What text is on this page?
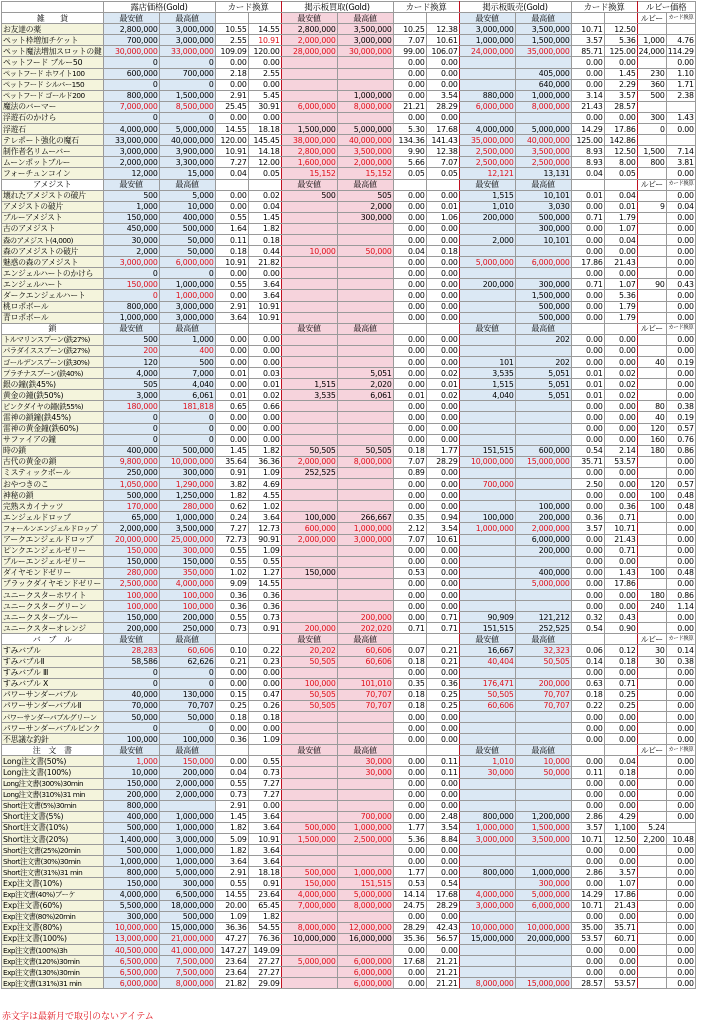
	露店価格(Gold)		カード換算		掲示板買取(Gold)		カード換算		掲示板販売(Gold)		カード換算		ルビー価格	
雑　　貨	最安値	最高値			最安値	最高値			最安値	最高値			ルビー	カード換算
お友達の薬	2,800,000	3,000,000	10.55	14.55	2,800,000	3,500,000	10.25	12.38	3,000,000	3,500,000	10.71	12.50		
ペット枠増加チケット	700,000	3,000,000	2.55	10.91	2,000,000	3,000,000	7.07	10.61	1,000,000	1,500,000	3.57	5.36	1,000	4.76
ペット魔法増加スロットの鍵	30,000,000	33,000,000	109.09	120.00	28,000,000	30,000,000	99.00	106.07	24,000,000	35,000,000	85.71	125.00	24,000	114.29
ペットフード ブルー50	0	0	0.00	0.00			0.00	0.00			0.00	0.00		0.00
ペットフード ホワイト100	600,000	700,000	2.18	2.55			0.00	0.00		405,000	0.00	1.45	230	1.10
ペットフード シルバー150	0	0	0.00	0.00			0.00	0.00		640,000	0.00	2.29	360	1.71
ペットフード ゴールド200	800,000	1,500,000	2.91	5.45		1,000,000	0.00	3.54	880,000	1,000,000	3.14	3.57	500	2.38
魔法のバーマー	7,000,000	8,500,000	25.45	30.91	6,000,000	8,000,000	21.21	28.29	6,000,000	8,000,000	21.43	28.57		
浮遊石のかけら	0	0	0.00	0.00			0.00	0.00			0.00	0.00	300	1.43
浮遊石	4,000,000	5,000,000	14.55	18.18	1,500,000	5,000,000	5.30	17.68	4,000,000	5,000,000	14.29	17.86	0	0.00
テレポート強化の魔石	33,000,000	40,000,000	120.00	145.45	38,000,000	40,000,000	134.36	141.43	35,000,000	40,000,000	125.00	142.86		
制作者名リムーバー	3,000,000	3,900,000	10.91	14.18	2,800,000	3,500,000	9.90	12.38	2,500,000	3,500,000	8.93	12.50	1,500	7.14
ムーンポットブルー	2,000,000	3,300,000	7.27	12.00	1,600,000	2,000,000	5.66	7.07	2,500,000	2,500,000	8.93	8.00	800	3.81
フォーチュンコイン	12,000	15,000	0.04	0.05	15,152	15,152	0.05	0.05	12,121	13,131	0.04	0.05		0.00
アメジスト	最安値	最高値			最安値	最高値			最安値	最高値			ルビー	カード換算
壊れたアメジストの破片	500	5,000	0.00	0.02	500	505	0.00	0.00	1,515	10,101	0.01	0.04		0.00
アメジストの破片	1,000	10,000	0.00	0.04		2,000	0.00	0.01	1,010	3,030	0.00	0.01	9	0.04
ブルーアメジスト	150,000	400,000	0.55	1.45		300,000	0.00	1.06	200,000	500,000	0.71	1.79		0.00
古のアメジスト	450,000	500,000	1.64	1.82			0.00	0.00		300,000	0.00	1.07		0.00
森のアメジスト(4,000)	30,000	50,000	0.11	0.18			0.00	0.00	2,000	10,101	0.00	0.04		0.00
森のアメジストの破片	2,000	50,000	0.18	0.44	10,000	50,000	0.04	0.18			0.00	0.00		0.00
魅惑の森のアメジスト	3,000,000	6,000,000	10.91	21.82			0.00	0.00	5,000,000	6,000,000	17.86	21.43		0.00
エンジェルハートのかけら	0	0	0.00	0.00			0.00	0.00			0.00	0.00		0.00
エンジェルハート	150,000	1,000,000	0.55	3.64			0.00	0.00	200,000	300,000	0.71	1.07	90	0.43
ダークエンジェルハート	0	1,000,000	0.00	3.64			0.00	0.00		1,500,000	0.00	5.36		0.00
桃ロポボール	800,000	3,000,000	2.91	10.91			0.00	0.00		500,000	0.00	1.79		0.00
青ロポボール	1,000,000	3,000,000	3.64	10.91			0.00	0.00		500,000	0.00	1.79		0.00
鎖	最安値	最高値			最安値	最高値			最安値	最高値			ルビー	カード換算
トルマリンスプーン(鉄27%)	500	1,000	0.00	0.00			0.00	0.00		202	0.00	0.00		0.00
パラダイススプーン(鉄27%)	200	400	0.00	0.00			0.00	0.00			0.00	0.00		0.00
ゴールデンスプーン(鉄30%)	120	500	0.00	0.00			0.00	0.00	101	202	0.00	0.00	40	0.19
プラチナスプーン(鉄40%)	4,000	7,000	0.01	0.03		5,051	0.00	0.02	3,535	5,051	0.01	0.02		0.00
銀の鐘(鉄45%)	505	4,040	0.00	0.01	1,515	2,020	0.00	0.01	1,515	5,051	0.01	0.02		0.00
黄金の鐘(鉄50%)	3,000	6,061	0.01	0.02	3,535	6,061	0.01	0.02	4,040	5,051	0.01	0.02		0.00
ピンクダイヤの鐘(鉄55%)	180,000	181,818	0.65	0.66			0.00	0.00			0.00	0.00	80	0.38
雷神の鎖鐘(鉄45%)	0	0	0.00	0.00			0.00	0.00			0.00	0.00	40	0.19
雷神の黄金鐘(鉄60%)	0	0	0.00	0.00			0.00	0.00			0.00	0.00	120	0.57
サファイアの鐘	0	0	0.00	0.00			0.00	0.00			0.00	0.00	160	0.76
時の鎖	400,000	500,000	1.45	1.82	50,505	50,505	0.18	1.77	151,515	600,000	0.54	2.14	180	0.86
古代の黄金の鎖	9,800,000	10,000,000	35.64	36.36	2,000,000	8,000,000	7.07	28.29	10,000,000	15,000,000	35.71	53.57		0.00
ミスティックボール	250,000	300,000	0.91	1.09	252,525		0.89	0.00			0.00	0.00		0.00
おやつきのこ	1,050,000	1,290,000	3.82	4.69			0.00	0.00	700,000		2.50	0.00	120	0.57
神秘の鎖	500,000	1,250,000	1.82	4.55			0.00	0.00			0.00	0.00	100	0.48
完熟スカイナッツ	170,000	280,000	0.62	1.02			0.00	0.00		100,000	0.00	0.36	100	0.48
エンジェルドロップ	65,000	1,000,000	0.24	3.64	100,000	266,667	0.35	0.94	100,000	200,000	0.36	0.71		0.00
フォールンエンジェルドロップ	2,000,000	3,500,000	7.27	12.73	600,000	1,000,000	2.12	3.54	1,000,000	2,000,000	3.57	10.71		0.00
アークエンジェルドロップ	20,000,000	25,000,000	72.73	90.91	2,000,000	3,000,000	7.07	10.61		6,000,000	0.00	21.43		0.00
ピンクエンジェルゼリー	150,000	300,000	0.55	1.09			0.00	0.00		200,000	0.00	0.71		0.00
ブルーエンジェルゼリー	150,000	150,000	0.55	0.55			0.00	0.00			0.00	0.00		0.00
ダイヤモンドゼリー	280,000	350,000	1.02	1.27	150,000		0.53	0.00		400,000	0.00	1.43	100	0.48
ブラックダイヤモンドゼリー	2,500,000	4,000,000	9.09	14.55			0.00	0.00		5,000,000	0.00	17.86		0.00
ユニークスターホワイト	100,000	100,000	0.36	0.36			0.00	0.00			0.00	0.00	180	0.86
ユニークスターグリーン	100,000	100,000	0.36	0.36			0.00	0.00			0.00	0.00	240	1.14
ユニークスターブルー	150,000	200,000	0.55	0.73		200,000	0.00	0.71	90,909	121,212	0.32	0.43		0.00
ユニークスターオレンジ	200,000	250,000	0.73	0.91	200,000	202,020	0.71	0.71	151,515	252,525	0.54	0.90		0.00
バ　ブ　ル	最安値	最高値			最安値	最高値			最安値	最高値			ルビー	カード換算
すみバブル	28,283	60,606	0.10	0.22	20,202	60,606	0.07	0.21	16,667	32,323	0.06	0.12	30	0.14
すみバブルⅡ	58,586	62,626	0.21	0.23	50,505	60,606	0.18	0.21	40,404	50,505	0.14	0.18	30	0.38
すみバブル Ⅲ	0	0	0.00	0.00			0.00	0.00			0.00	0.00		0.00
すみバブル X	0	0	0.00	0.00	100,000	101,010	0.35	0.36	176,471	200,000	0.63	0.71		0.00
パワーサンダーバブル	40,000	130,000	0.15	0.47	50,505	70,707	0.18	0.25	50,505	70,707	0.18	0.25		0.00
パワーサンダーバブルⅡ	70,000	70,707	0.25	0.26	50,505	70,707	0.18	0.25	60,606	70,707	0.22	0.25		0.00
パワーサンダーバブルグリーン	50,000	50,000	0.18	0.18			0.00	0.00			0.00	0.00		0.00
パワーサンダーバブルピンク	0	0	0.00	0.00			0.00	0.00			0.00	0.00		0.00
不思議な釣針	100,000	100,000	0.36	1.09			0.00	0.00			0.00	0.00		0.00
注　文　書	最安値	最高値			最安値	最高値			最安値	最高値			ルビー	カード換算
Long注文書(50%)	1,000	150,000	0.00	0.55		30,000	0.00	0.11	1,010	10,000	0.00	0.04		0.00
Long注文書(100%)	10,000	200,000	0.04	0.73		30,000	0.00	0.11	30,000	50,000	0.11	0.18		0.00
Long注文書(300%)30min	150,000	2,000,000	0.55	7.27			0.00	0.00			0.00	0.00		0.00
Long注文書(310%)31 min	200,000	2,000,000	0.73	7.27			0.00	0.00			0.00	0.00		0.00
Short注文書(5%)30min	800,000		2.91	0.00			0.00	0.00			0.00	0.00		0.00
Short注文書(5%)	400,000	1,000,000	1.45	3.64		700,000	0.00	2.48	800,000	1,200,000	2.86	4.29		0.00
Short注文書(10%)	500,000	1,000,000	1.82	3.64	500,000	1,000,000	1.77	3.54	1,000,000	1,500,000	3.57	1,100	5.24	
Short注文書(20%)	1,400,000	3,000,000	5.09	10.91	1,500,000	2,500,000	5.36	8.84	3,000,000	3,500,000	10.71	12.50	2,200	10.48
Short注文書(25%)20min	500,000	1,000,000	1.82	3.64			0.00	0.00			0.00	0.00		0.00
Short注文書(30%)30min	1,000,000	1,000,000	3.64	3.64			0.00	0.00			0.00	0.00		0.00
Short注文書(31%)31 min	800,000	5,000,000	2.91	18.18	500,000	1,000,000	1.77	0.00	800,000	1,000,000	2.86	3.57		0.00
Exp注文書(10%)	150,000	300,000	0.55	0.91	150,000	151,515	0.53	0.54		300,000	0.00	1.07		0.00
Exp注文書(40%)ブーケ	4,000,000	6,500,000	14.55	23.64	4,000,000	5,000,000	14.14	17.68	4,000,000	5,000,000	14.29	17.86		0.00
Exp注文書(60%)	5,500,000	18,000,000	20.00	65.45	7,000,000	8,000,000	24.75	28.29	3,000,000	6,000,000	10.71	21.43		0.00
Exp注文書(80%)20min	300,000	500,000	1.09	1.82			0.00	0.00			0.00	0.00		0.00
Exp注文書(80%)	10,000,000	15,000,000	36.36	54.55	8,000,000	12,000,000	28.29	42.43	10,000,000	10,000,000	35.00	35.71		0.00
Exp注文書(100%)	13,000,000	21,000,000	47.27	76.36	10,000,000	16,000,000	35.36	56.57	15,000,000	20,000,000	53.57	60.71		0.00
Exp注文書(100%)3h	40,500,000	41,000,000	147.27	149.09			0.00	0.00			0.00	0.00		0.00
Exp注文書(120%)30min	6,500,000	7,500,000	23.64	27.27	5,000,000	6,000,000	17.68	21.21			0.00	0.00		0.00
Exp注文書(130%)30min	6,500,000	7,500,000	23.64	27.27		6,000,000	0.00	21.21			0.00	0.00		0.00
Exp注文書(131%)31 min	6,000,000	8,000,000	21.82	29.09		6,000,000	0.00	21.21	8,000,000	15,000,000	28.57	53.57		0.00
赤文字は最新月で取引のないアイテム
